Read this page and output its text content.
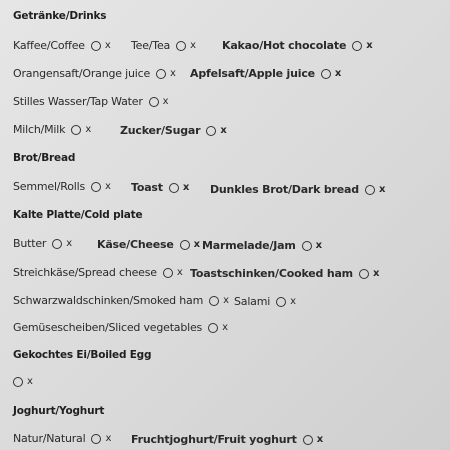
Getränke/Drinks
Kaffee/Coffee x Tee/Tea x Kakao/Hot chocolate x
Orangensaft/Orange juice x Apfelsaft/Apple juice x
Stilles Wasser/Tap Water x
Milch/Milk x	Zucker/Sugar x
Brot/Bread
Semmel/Rolls x Toast x Dunkles Brot/Dark bread x
Kalte Platte/Cold plate
Butter x Käse/Cheese x Marmelade/Jam x
Streichkäse/Spread cheese x Toastschinken/Cooked ham x
Schwarzwaldschinken/Smoked ham x Salami x
Gemüsescheiben/Sliced vegetables x
Gekochtes Ei/Boiled Egg
x
Joghurt/Yoghurt
Natur/Natural x Fruchtjoghurt/Fruit yoghurt x
